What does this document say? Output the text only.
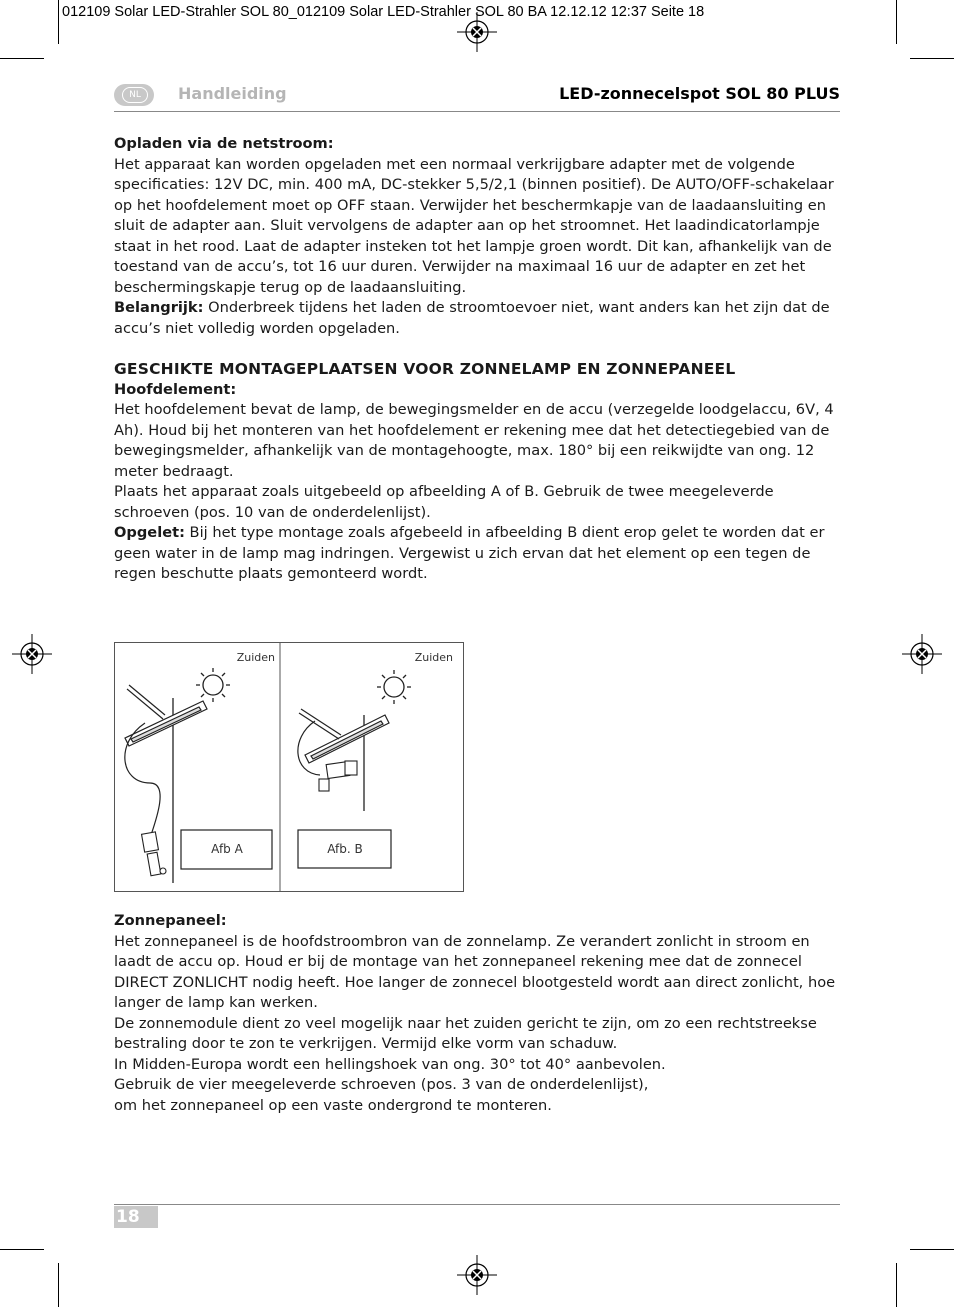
012109 Solar LED-Strahler SOL 80_012109 Solar LED-Strahler SOL 80 BA 12.12.12 12:37 Seite 18
NL	Handleiding	LED-zonnecelspot SOL 80 PLUS

Opladen via de netstroom:

Het apparaat kan worden opgeladen met een normaal verkrijgbare adapter met de volgende specificaties: 12V DC, min. 400 mA, DC-stekker 5,5/2,1 (binnen positief). De AUTO/OFF-schakelaar op het hoofdelement moet op OFF staan. Verwijder het beschermkapje van de laadaansluiting en sluit de adapter aan. Sluit vervolgens de adapter aan op het stroomnet. Het laadindicatorlampje staat in het rood. Laat de adapter insteken tot het lampje groen wordt. Dit kan, afhankelijk van de toestand van de accu’s, tot 16 uur duren. Verwijder na maximaal 16 uur de adapter en zet het beschermingskapje terug op de laadaansluiting.

Belangrijk: Onderbreek tijdens het laden de stroomtoevoer niet, want anders kan het zijn dat de accu’s niet volledig worden opgeladen.

GESCHIKTE MONTAGEPLAATSEN VOOR ZONNELAMP EN ZONNEPANEEL

Hoofdelement:

Het hoofdelement bevat de lamp, de bewegingsmelder en de accu (verzegelde loodgelaccu, 6V, 4 Ah). Houd bij het monteren van het hoofdelement er rekening mee dat het detectiegebied van de bewegingsmelder, afhankelijk van de montagehoogte, max. 180° bij een reikwijdte van ong. 12 meter bedraagt.

Plaats het apparaat zoals uitgebeeld op afbeelding A of B. Gebruik de twee meegeleverde schroeven (pos. 10 van de onderdelenlijst).

Opgelet: Bij het type montage zoals afgebeeld in afbeelding B dient erop gelet te worden dat er geen water in de lamp mag indringen. Vergewist u zich ervan dat het element op een tegen de regen beschutte plaats gemonteerd wordt.

Zuiden
Afb A
Zuiden
Afb. B

Zonnepaneel:

Het zonnepaneel is de hoofdstroombron van de zonnelamp. Ze verandert zonlicht in stroom en laadt de accu op. Houd er bij de montage van het zonnepaneel rekening mee dat de zonnecel DIRECT ZONLICHT nodig heeft. Hoe langer de zonnecel blootgesteld wordt aan direct zonlicht, hoe langer de lamp kan werken.

De zonnemodule dient zo veel mogelijk naar het zuiden gericht te zijn, om zo een rechtstreekse bestraling door te zon te verkrijgen. Vermijd elke vorm van schaduw.

In Midden-Europa wordt een hellingshoek van ong. 30° tot 40° aanbevolen.

Gebruik de vier meegeleverde schroeven (pos. 3 van de onderdelenlijst),

om het zonnepaneel op een vaste ondergrond te monteren.

18
